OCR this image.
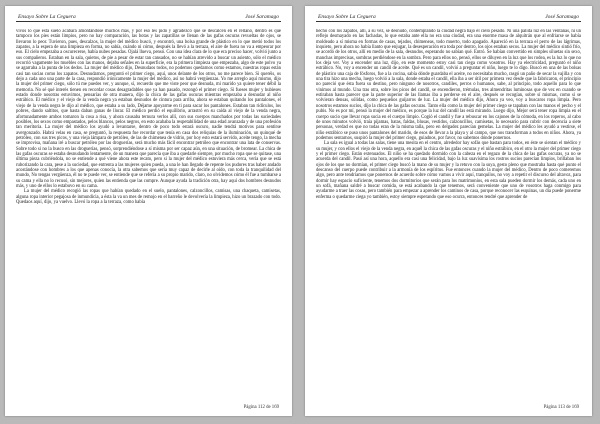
Ensayo Sobre La Ceguera	José Saramago

vivos lo que está suelo acabará amontándose muchos más, y por eso les pido y agradezco que se descalcen en el rellano, dentro es que tampoco los pies están limpios, pero no hay comparación, las botas y las zapatillas se llenan de las gafas oscuras revueltas de ojos, se llevaron lo peor. Tuvieron, pues, descalzos, la mujer del médico buscó, y encontró, una bolsa grande de plástico en lo que metió todos los zapatos, a la espera de una limpieza en forma, no sabía, cuándo ni cómo, después la llevó a la terraza, el aire de fuera no va a empeorar por eso. El cielo empezaba a oscurecerse, había nubes pesadas. Ojalá llueva, pensó. Con una idea clara de lo que era preciso hacer, volvió junto a sus compañeros. Estaban en la sala, quietos, de pie a pesar de estar tan cansados, no se habían atrevido a buscar un asiento, sólo el médico recorrió vagamente los muebles con las manos, dejaba señales en la superficie, era la primera limpieza que empezaba, algo de este polvo ya se agarraba a la punta de los dedos. La mujer del médico dijo, Desnudaos todos, no podemos quedarnos como estamos, nuestras ropas están casi tan sucias como los zapatos. Desnudarnos, preguntó el primer ciego, aquí, unos delante de los otros, no me parece bien. Si queréis, os dejo a cada uno una parte de la casa, respondió irónicamente la mujer del médico, así no habrá vergüenzas. Yo me arreglo aquí mismo, dijo la mujer del primer ciego, sólo tú me puedes ver, y aunque, sí, recuerdo que me viste peor que desnuda, mi marido ya quiere tener débil la memoria. No sé qué interés tienen en recordar cosas desagradables que ya han pasado, rezongó el primer ciego. Si fueses mujer y hubieses estado donde nosotras estuvimos, pensarías de otra manera, dijo la chica de las gafas oscuras mientras empezaba a desnudar al niño estrábico. El médico y el viejo de la venda negra ya estaban desnudos de cintura para arriba, ahora se estaban quitando los pantalones, el viejo de la venda negra le dijo al médico, que estaba a su lado, Déjame apoyarme en ti para sacar los pantalones. Estaban tan ridículos, los pobres, dando saltitos, que hasta daban ganas de llorar. El médico perdió el equilibrio, arrastró en su caída al viejo de la venda negra, afortunadamente ambos tomaron la cosa a risa, y ahora causaba ternura verlos allí, con sus cuerpos manchados por todas las suciedades posibles, los sexos como empastados, pelos blancos, pelos negros, en esto acababa la respetabilidad de una edad avanzada y de una profesión tan meritoria. La mujer del médico los ayudó a levantarse, dentro de poco todo estará oscuro, nadie tendrá motivos para sentirse avergonzado. Habrá velas en casa, se preguntó, la respuesta fue recordar que tenía en casa dos reliquias de la iluminación, un quinqué de petróleo, con sus tres picos, y una vieja lámpara de petróleo, de las de chimenea de vidrio, por hoy esto estará servido, aceite tengo, la mecha se improvisa, mañana iré a buscar petróleo por las droguerías, será mucho más fácil encontrar petróleo que encontrar una lata de conservas. Sobre todo si no la busco en las droguerías, pensó, sorprendiéndose a sí misma por ser capaz aún, en una situación, de bromear. La chica de las gafas oscuras se estaba desnudando lentamente, de un manera que parecía que iba a quedarle siempre, por mucho ropa que se quitase, una última pieza cubriéndola, no se entiende a qué viene ahora este recato, pero si la mujer del médico estuviera más cerca, vería que se está ruborizando la cara, pese a la suciedad, que entrenta a las mujeres quien pueda, a una le han llegado de repente los pudores tras haber andado acostándose con hombres a los que apenas conocía, la otra sabemos que sería muy capaz de decirle al oído, con toda la tranquilidad del mundo, No tengas vergüenza, él no te puede ver, se entiende que se refería a su propio marido, claro, no olvidemos cómo él fue a tumbarse a su cama y ella no lo recusó, sin mejores, quien las entienda que las compre. Aunque ayuda la tradición otra, hay aquí dos hombres desnudos más, y uno de ellos lo estabuvo en su cama.

La mujer del médico recogió las ropas que habían quedado en el suelo, pantalones, calzoncillos, camisas, una chaqueta, camisetas, alguna ropa interior pegajosa de inmundicia, a ésta la va un mes de remojo en el barreño le devolvería la limpieza, hizo un brazado con todo. Quedaos aquí, dijo, ya vuelvo. Llevó la ropa a la terraza, como había

Página 112 de 169
Ensayo Sobre La Ceguera	José Saramago

hecho con los zapatos, allí, a su vez, se desnudó, contemplando la ciudad negra bajo el cielo pesado. Ni una pálida luz en las ventanas, ni un reflejo desmayado en las fachadas, lo que estaba ante ella no era una ciudad, era una enorme masa de alquitrán que al enfriarse se había moldeado a sí misma en formas de casas, tejados, chimeneas, todo muerto, todo apagado. Apareció en la terraza el perro de las lágrimas, inquieto, pero ahora no había llanto que enjugar, la desesperación era toda por dentro, los ojos estaban secos. La mujer del médico sintió frío, se acordó de los otros, allí en medio de la sala, desnudos, esperando no sabían qué. Entró. Se habían convertido en simples siluetas sin sexo, manchas imprecisas, sombras perdiéndose en la sombra. Pero para ellos no, pensó, ellos se diluyen en la luz que los rodea, es la luz lo que no los deja ver. Voy a encender una luz, dijo, en este momento estoy casi tan ciega como vosotros. Hay ya electricidad, preguntó el niño estrábico. No, voy a encender un candil de aceite. Qué es un candil, volvió a preguntar el niño, luego te lo digo. Buscó en una de las bolsas de plástico una caja de fósforos, fue a la cocina, sabía dónde guardaba el aceite, no necesitaba mucho, rasgó un paño de secar la vajilla y con una tira hizo una mecha, luego volvió a la sala, donde estaba el candil, ella iba a ser útil por primera vez desde que la fabricaron, el principio no pareció que ésta fuera su destino, pero ninguno de nosotros, candiles, perros o humanos, sabe, al principio, todo aquello para lo que vinimos al mundo. Una tras otra, sobre los picos del candil, se encendieron, trémulas, tres almendritas luminosas que de vez en cuando se estiraban hasta parecer que la parte superior de las llamas iba a perderse en el aire, después se recogían, sobre sí mismas, como si se volvieran densas, sólidas, como pequeños guijarros de luz. La mujer del médico dijo, Ahora ya veo, voy a buscaros ropa limpia. Pero nosotros estamos sucios, dijo la chica de las gafas oscuras. Tanto ella como la mujer del primer ciego se tapaban con las manos el pecho y el pubis. No es por mí, pensó la mujer del médico, es porque la luz del candil las está mirando. Luego dijo, Mejor será tener ropa limpia en el cuerpo sucio que llevar ropa sucia en el cuerpo limpio. Cogió el candil y fue a rebuscar en los cajones de la cómoda, en los roperos, al cabo de unos minutos volvió, traía pijamas, batas, faldas, blusas, vestidos, calzoncillos, camisetas, lo necesario para cubrir con decencia a siete personas, verdad es que no todas eran de la misma talla, pero en delgadez parecían gemelas. La mujer del médico les ayudó a vestirse, el niño estrábico se puso unos pantalones del marido, de esos de llevar a la playa y al campo, que nos transforman a todos en niños. Ahora, ya podemos sentarnos, suspiró la mujer del primer ciego, guiadnos, por favor, no sabemos dónde ponernos.

La sala es igual a todas las salas, tiene una mesita en el centro, alrededor hay sofás que bastan para todos, en éste se sientan el médico y su mujer, y con ellos el viejo de la venda negra, en aquél la chica de las gafas oscuras y el niño estrábico, en el otro la mujer del primer ciego y el primer ciego. Están extenuados. El niño se ha quedado dormido con la cabeza en el regazo de la chica de las gafas oscuras, ya no se acuerda del candil. Pasó así una hora, aquello era casi una felicidad, bajo la luz suavísima los rostros sucios parecían limpios, brillaban los ojos de los que no dormían, el primer ciego buscó la mano de su mujer y la retuvo con la suya, gesto pleno que mostraba hasta qué punto el descanso del cuerpo puede contribuir a la armonía de los espíritus. Fue entonces cuando la mujer del médico, Dentro de poco comeremos algo, pero ante tendríamos que ponernos de acuerdo sobre cómo vamos a vivir aquí, tranquilos, no voy a repetir el discurso del altavoz, para dormir hay espacio suficiente, tenemos dos dormitorios que serán para los matrimonios, en esta sala pueden dormir los demás, cada uno en un sofá, mañana saldré a buscar comida, se está acabando la que tenemos, será conveniente que uno de vosotros haga conmigo para ayudarme a traer las cosas, pero también para empezar a aprender los caminos de casa, porque reconocer las esquinas, un día puede ponerme enferma o quedarme ciega yo también, estoy siempre esperando que eso ocurra, entonces tendré que aprender de

Página 113 de 169
